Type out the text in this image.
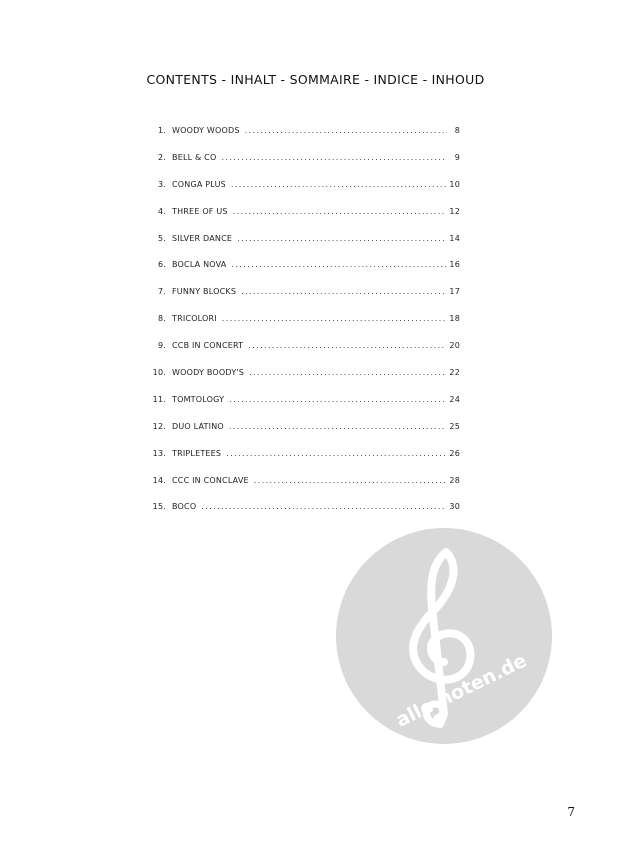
CONTENTS - INHALT - SOMMAIRE - INDICE - INHOUD
1. WOODY WOODS .....	8
2. BELL & CO .....	9
3. CONGA PLUS .....	10
4. THREE OF US .....	12
5. SILVER DANCE .....	14
6. BOCLA NOVA .....	16
7. FUNNY BLOCKS .....	17
8. TRICOLORI .....	18
9. CCB IN CONCERT .....	20
10. WOODY BOODY'S .....	22
11. TOMTOLOGY .....	24
12. DUO LATINO .....	25
13. TRIPLETEES .....	26
14. CCC IN CONCLAVE .....	28
15. BOCO .....	30
alle-noten.de
7
